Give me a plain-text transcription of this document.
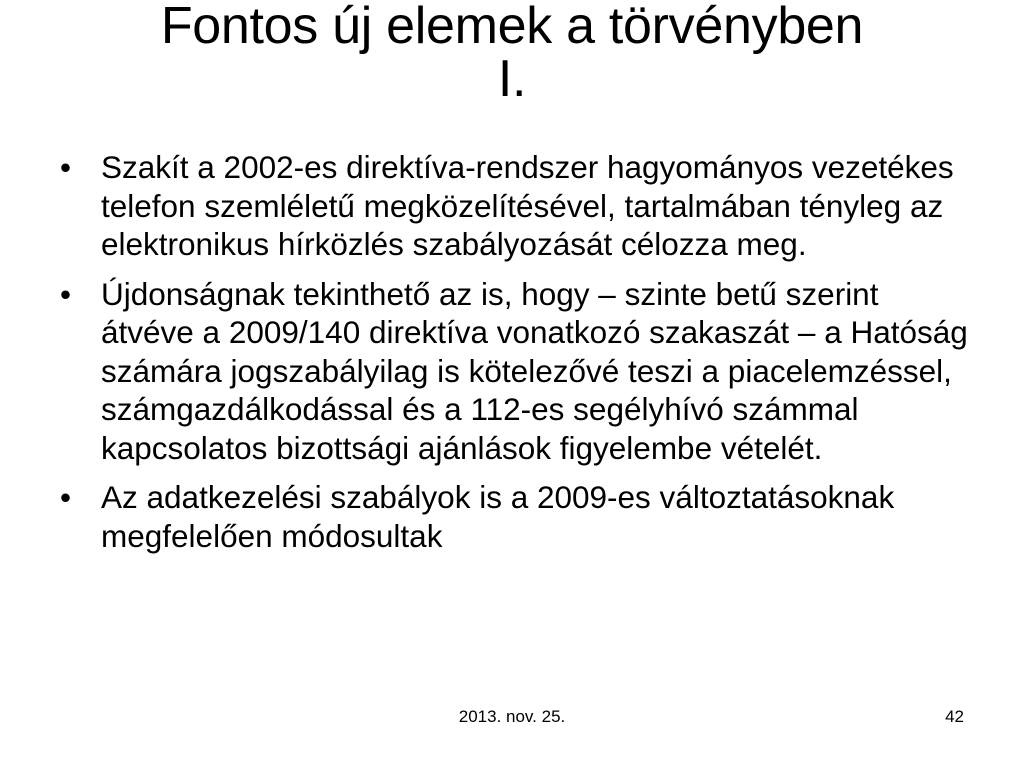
Fontos új elemek a törvényben
I.
• Szakít a 2002-es direktíva-rendszer hagyományos vezetékes telefon szemléletű megközelítésével, tartalmában tényleg az elektronikus hírközlés szabályozását célozza meg.
• Újdonságnak tekinthető az is, hogy – szinte betű szerint átvéve a 2009/140 direktíva vonatkozó szakaszát – a Hatóság számára jogszabályilag is kötelezővé teszi a piacelemzéssel, számgazdálkodással és a 112-es segélyhívó számmal kapcsolatos bizottsági ajánlások figyelembe vételét.
• Az adatkezelési szabályok is a 2009-es változtatásoknak megfelelően módosultak
2013. nov. 25.	42
